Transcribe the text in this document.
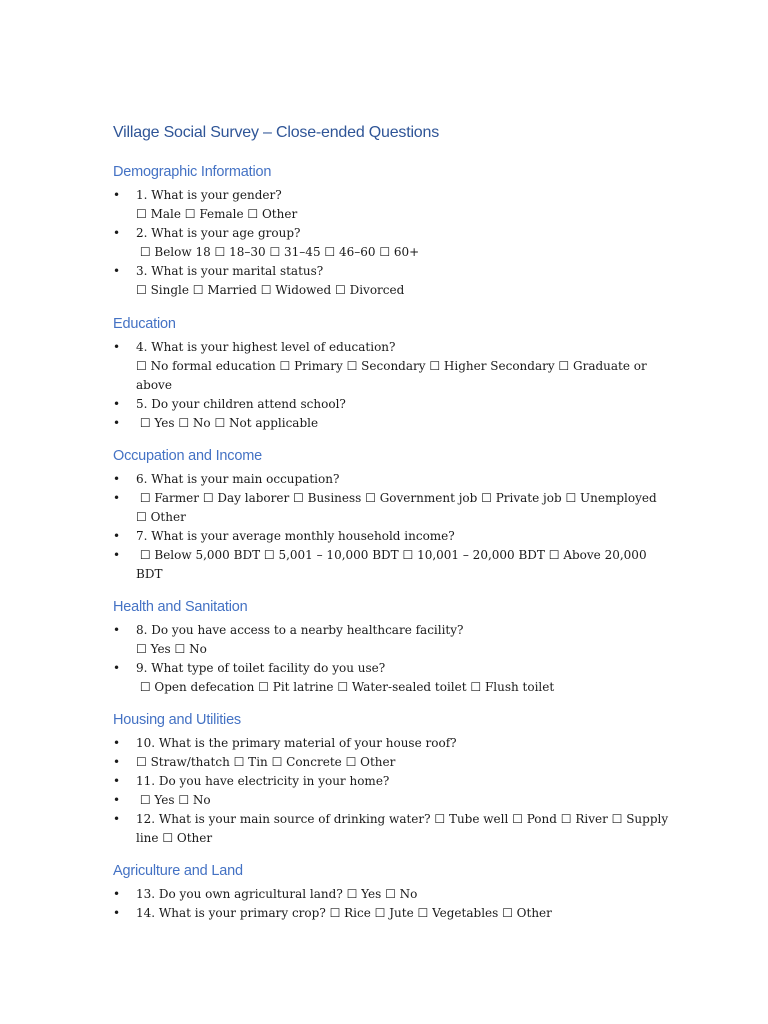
Village Social Survey – Close-ended Questions
Demographic Information
• 1. What is your gender?
☐ Male ☐ Female ☐ Other
• 2. What is your age group?
☐ Below 18 ☐ 18–30 ☐ 31–45 ☐ 46–60 ☐ 60+
• 3. What is your marital status?
☐ Single ☐ Married ☐ Widowed ☐ Divorced
Education
• 4. What is your highest level of education?
☐ No formal education ☐ Primary ☐ Secondary ☐ Higher Secondary ☐ Graduate or
above
• 5. Do your children attend school?
• ☐ Yes ☐ No ☐ Not applicable
Occupation and Income
• 6. What is your main occupation?
• ☐ Farmer ☐ Day laborer ☐ Business ☐ Government job ☐ Private job ☐ Unemployed
☐ Other
• 7. What is your average monthly household income?
• ☐ Below 5,000 BDT ☐ 5,001 – 10,000 BDT ☐ 10,001 – 20,000 BDT ☐ Above 20,000
BDT
Health and Sanitation
• 8. Do you have access to a nearby healthcare facility?
☐ Yes ☐ No
• 9. What type of toilet facility do you use?
☐ Open defecation ☐ Pit latrine ☐ Water-sealed toilet ☐ Flush toilet
Housing and Utilities
• 10. What is the primary material of your house roof?
• ☐ Straw/thatch ☐ Tin ☐ Concrete ☐ Other
• 11. Do you have electricity in your home?
• ☐ Yes ☐ No
• 12. What is your main source of drinking water? ☐ Tube well ☐ Pond ☐ River ☐ Supply
line ☐ Other
Agriculture and Land
• 13. Do you own agricultural land? ☐ Yes ☐ No
• 14. What is your primary crop? ☐ Rice ☐ Jute ☐ Vegetables ☐ Other
